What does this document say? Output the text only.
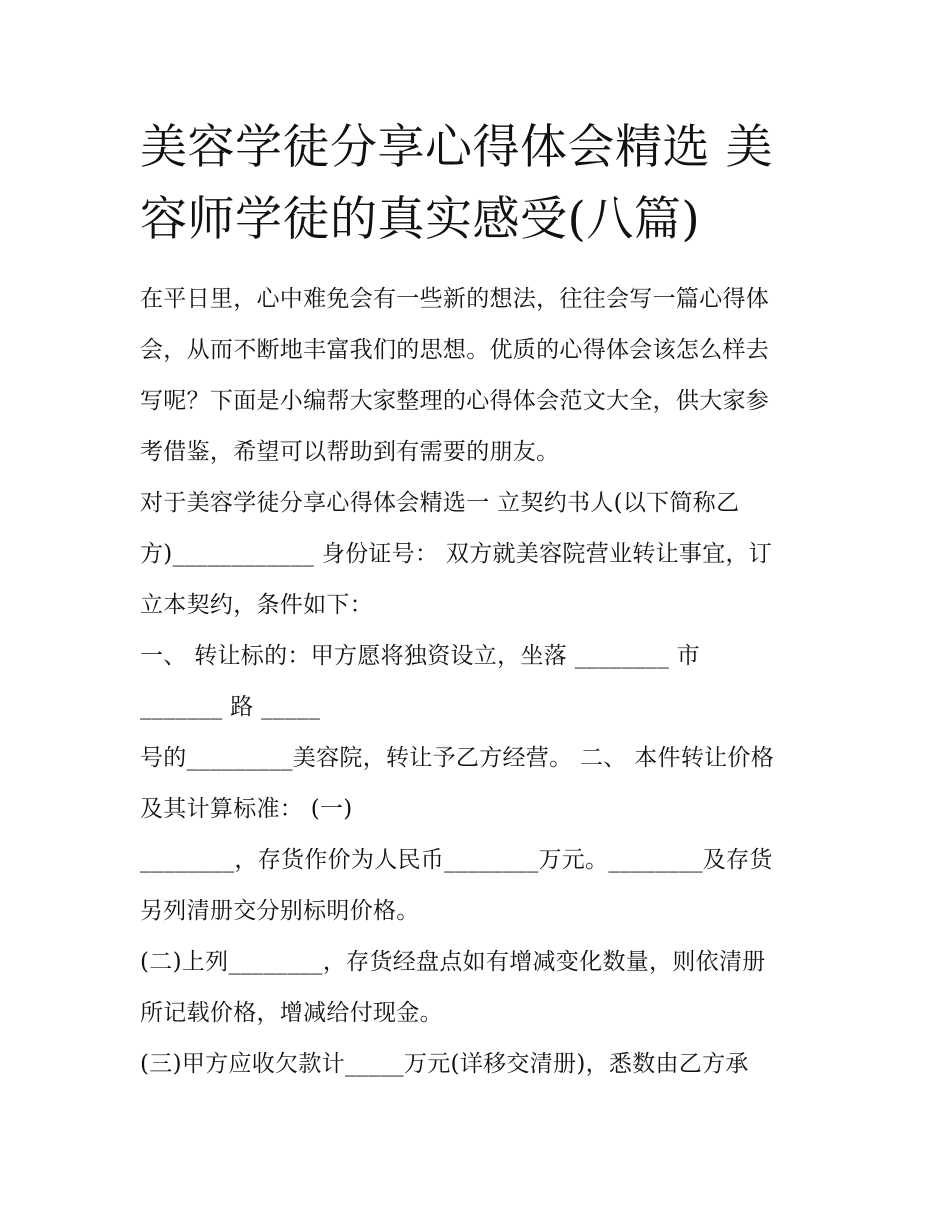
美容学徒分享心得体会精选 美
容师学徒的真实感受(八篇)
在平日里，心中难免会有一些新的想法，往往会写一篇心得体
会，从而不断地丰富我们的思想。优质的心得体会该怎么样去
写呢？下面是小编帮大家整理的心得体会范文大全，供大家参
考借鉴，希望可以帮助到有需要的朋友。
对于美容学徒分享心得体会精选一 立契约书人(以下简称乙
方)____________ 身份证号： 双方就美容院营业转让事宜，订
立本契约，条件如下：
一、 转让标的：甲方愿将独资设立，坐落 ________ 市
_______ 路 _____
号的_________美容院，转让予乙方经营。 二、 本件转让价格
及其计算标准： (一)
________，存货作价为人民币________万元。________及存货
另列清册交分别标明价格。
(二)上列________，存货经盘点如有增减变化数量，则依清册
所记载价格，增减给付现金。
(三)甲方应收欠款计_____万元(详移交清册)，悉数由乙方承
